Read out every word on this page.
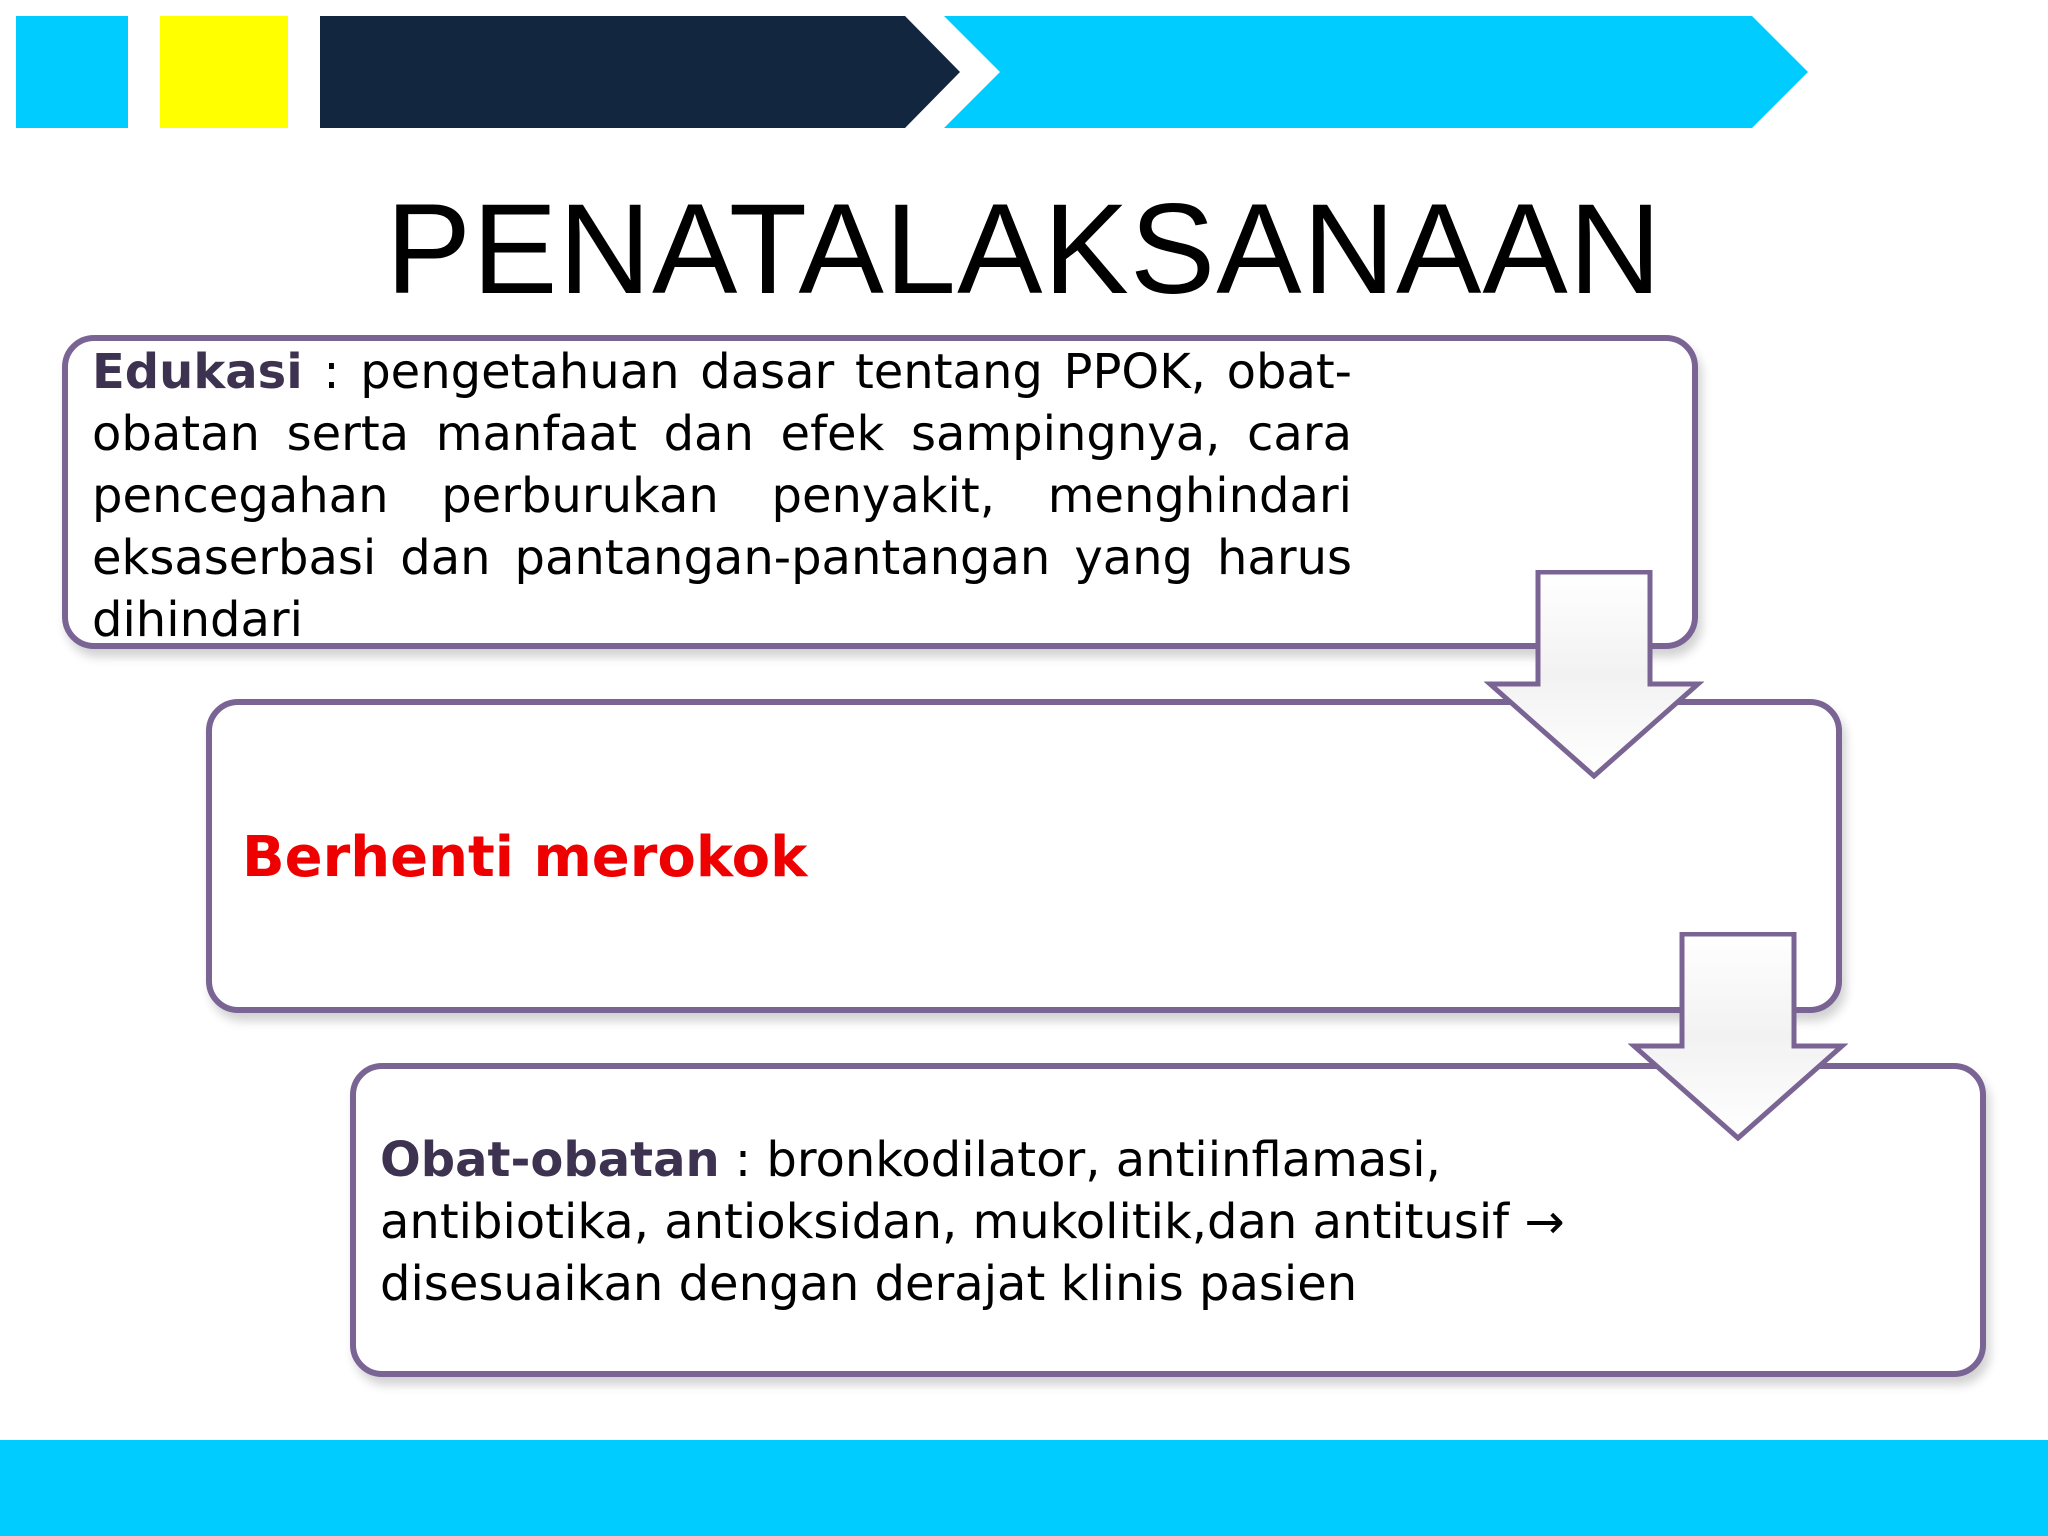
PENATALAKSANAAN
Edukasi : pengetahuan dasar tentang PPOK, obat-obatan serta manfaat dan efek sampingnya, cara pencegahan perburukan penyakit, menghindari eksaserbasi dan pantangan-pantangan yang harus dihindari
Berhenti merokok
Obat-obatan : bronkodilator, antiinflamasi, antibiotika, antioksidan, mukolitik,dan antitusif → disesuaikan dengan derajat klinis pasien
